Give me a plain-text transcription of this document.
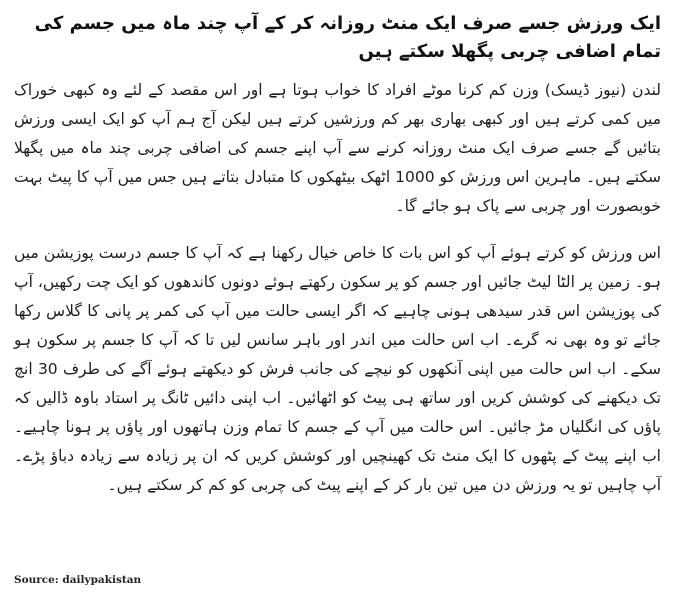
ایک ورزش جسے صرف ایک منٹ روزانہ کر کے آپ چند ماہ میں جسم کی تمام اضافی چربی پگھلا سکتے ہیں

لندن (نیوز ڈیسک) وزن کم کرنا موٹے افراد کا خواب ہوتا ہے اور اس مقصد کے لئے وہ کبھی خوراک میں کمی کرتے ہیں اور کبھی بھاری بھر کم ورزشیں کرتے ہیں لیکن آج ہم آپ کو ایک ایسی ورزش بتائیں گے جسے صرف ایک منٹ روزانہ کرنے سے آپ اپنے جسم کی اضافی چربی چند ماہ میں پگھلا سکتے ہیں۔ ماہرین اس ورزش کو 1000 اٹھک بیٹھکوں کا متبادل بتاتے ہیں جس میں آپ کا پیٹ بہت خوبصورت اور چربی سے پاک ہو جائے گا۔

اس ورزش کو کرتے ہوئے آپ کو اس بات کا خاص خیال رکھنا ہے کہ آپ کا جسم درست پوزیشن میں ہو۔ زمین پر الٹا لیٹ جائیں اور جسم کو پر سکون رکھتے ہوئے دونوں کاندھوں کو ایک چت رکھیں، آپ کی پوزیشن اس قدر سیدھی ہونی چاہیے کہ اگر ایسی حالت میں آپ کی کمر پر پانی کا گلاس رکھا جائے تو وہ بھی نہ گرے۔ اب اس حالت میں اندر اور باہر سانس لیں تا کہ آپ کا جسم پر سکون ہو سکے۔ اب اس حالت میں اپنی آنکھوں کو نیچے کی جانب فرش کو دیکھتے ہوئے آگے کی طرف 30 انچ تک دیکھنے کی کوشش کریں اور ساتھ ہی پیٹ کو اٹھائیں۔ اب اپنی دائیں ٹانگ پر استاد باوہ ڈالیں کہ پاؤں کی انگلیاں مڑ جائیں۔ اس حالت میں آپ کے جسم کا تمام وزن ہاتھوں اور پاؤں پر ہونا چاہیے۔ اب اپنے پیٹ کے پٹھوں کا ایک منٹ تک کھینچیں اور کوشش کریں کہ ان پر زیادہ سے زیادہ دباؤ پڑے۔ آپ چاہیں تو یہ ورزش دن میں تین بار کر کے اپنے پیٹ کی چربی کو کم کر سکتے ہیں۔

Source: dailypakistan
